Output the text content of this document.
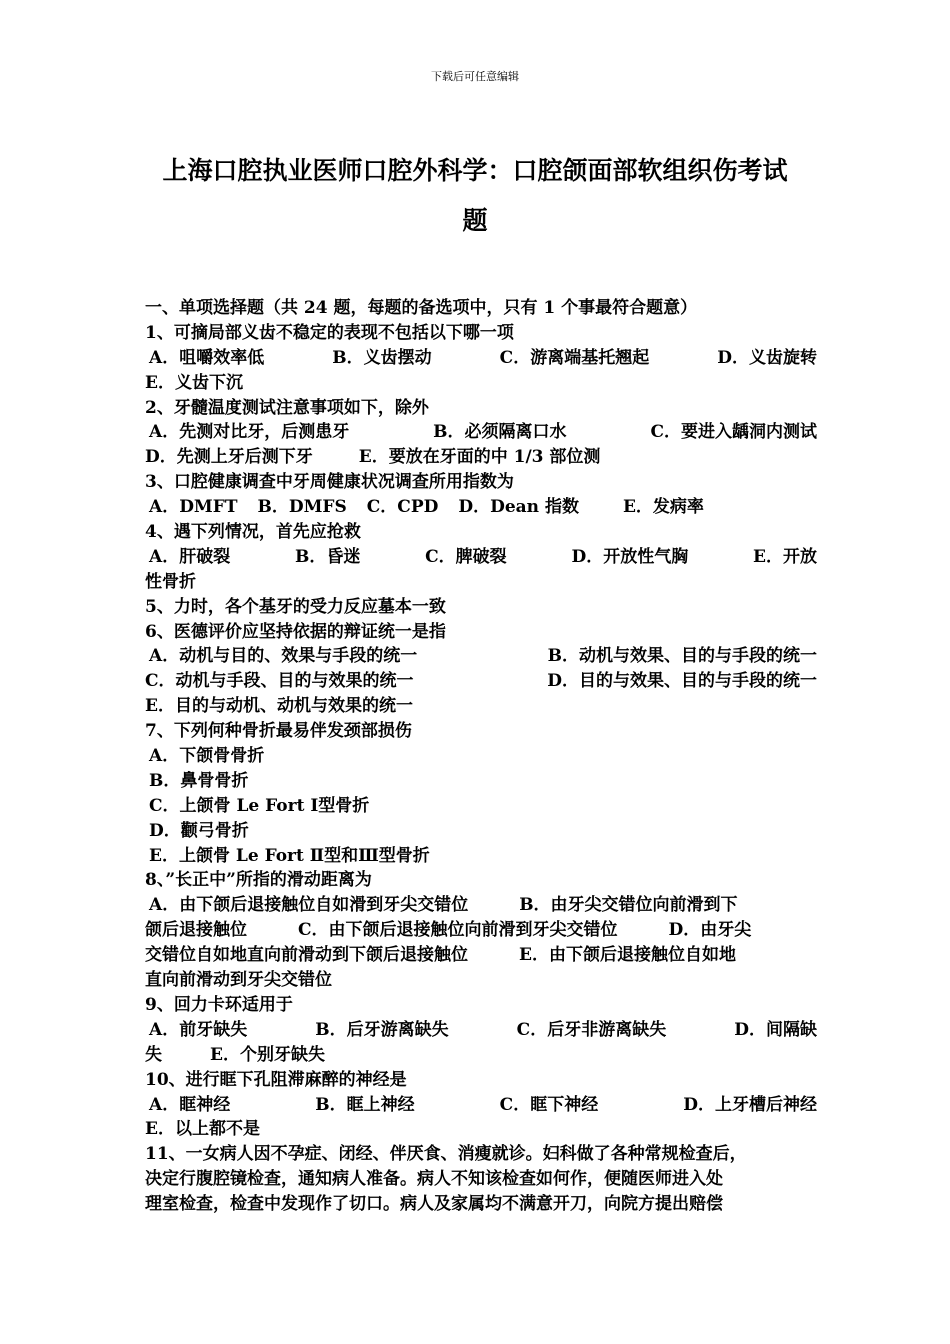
下载后可任意编辑
上海口腔执业医师口腔外科学：口腔颌面部软组织伤考试
题
一、单项选择题（共 24 题，每题的备选项中，只有 1 个事最符合题意）
1、可摘局部义齿不稳定的表现不包括以下哪一项
A．咀嚼效率低	B．义齿摆动	C．游离端基托翘起	D．义齿旋转
E．义齿下沉
2、牙髓温度测试注意事项如下，除外
A．先测对比牙，后测患牙	B．必须隔离口水	C．要进入龋洞内测试
D．先测上牙后测下牙	E．要放在牙面的中 1/3 部位测
3、口腔健康调查中牙周健康状况调查所用指数为
A．DMFT B．DMFS C．CPD D．Dean 指数	E．发病率
4、遇下列情况，首先应抢救
A．肝破裂	B．昏迷	C．脾破裂	D．开放性气胸	E．开放
性骨折
5、力时，各个基牙的受力反应墓本一致
6、医德评价应坚持依据的辩证统一是指
A．动机与目的、效果与手段的统一	B．动机与效果、目的与手段的统一
C．动机与手段、目的与效果的统一	D．目的与效果、目的与手段的统一
E．目的与动机、动机与效果的统一
7、下列何种骨折最易伴发颈部损伤
A．下颌骨骨折
B．鼻骨骨折
C．上颌骨 Le Fort Ⅰ型骨折
D．颧弓骨折
E．上颌骨 Le Fort Ⅱ型和Ⅲ型骨折
8、”长正中”所指的滑动距离为
A．由下颌后退接触位自如滑到牙尖交错位　　　B．由牙尖交错位向前滑到下
颌后退接触位　　　C．由下颌后退接触位向前滑到牙尖交错位　　　D．由牙尖
交错位自如地直向前滑动到下颌后退接触位　　　E．由下颌后退接触位自如地
直向前滑动到牙尖交错位
9、回力卡环适用于
A．前牙缺失	B．后牙游离缺失	C．后牙非游离缺失	D．间隔缺
失	E．个别牙缺失
10、进行眶下孔阻滞麻醉的神经是
A．眶神经	B．眶上神经	C．眶下神经	D．上牙槽后神经
E．以上都不是
11、一女病人因不孕症、闭经、伴厌食、消瘦就诊。妇科做了各种常规检查后，
决定行腹腔镜检查，通知病人准备。病人不知该检查如何作，便随医师进入处
理室检查，检查中发现作了切口。病人及家属均不满意开刀，向院方提出赔偿
